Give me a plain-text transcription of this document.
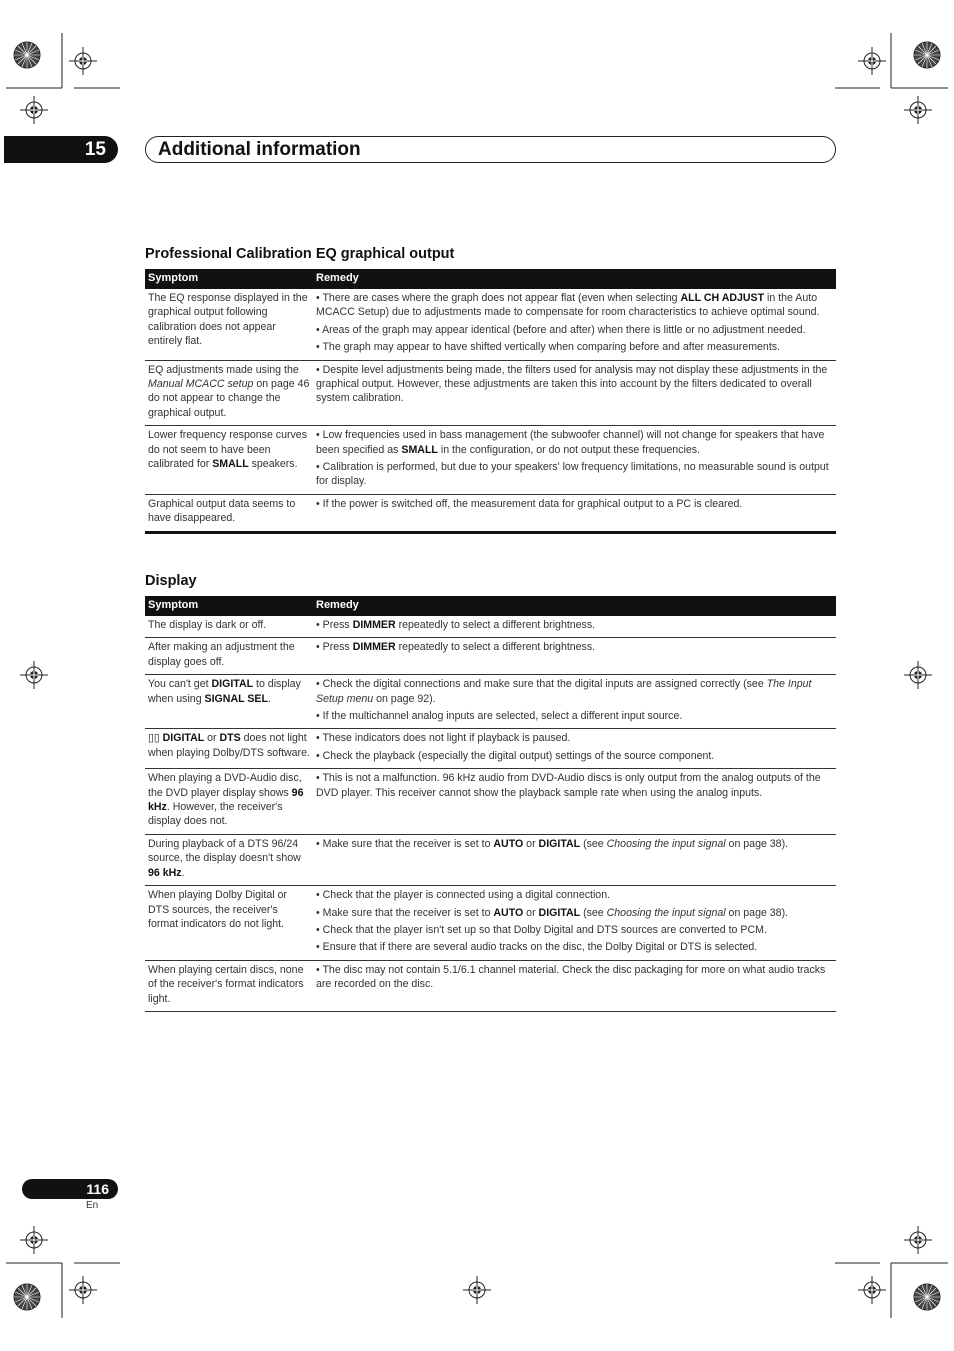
15	Additional information
Professional Calibration EQ graphical output
Symptom	Remedy
The EQ response displayed in the graphical output following calibration does not appear entirely flat.	• There are cases where the graph does not appear flat (even when selecting ALL CH ADJUST in the Auto MCACC Setup) due to adjustments made to compensate for room characteristics to achieve optimal sound.

• Areas of the graph may appear identical (before and after) when there is little or no adjustment needed.

• The graph may appear to have shifted vertically when comparing before and after measurements.

EQ adjustments made using the Manual MCACC setup on page 46 do not appear to change the graphical output.	• Despite level adjustments being made, the filters used for analysis may not display these adjustments in the graphical output. However, these adjustments are taken this into account by the filters dedicated to overall system calibration.

Lower frequency response curves do not seem to have been calibrated for SMALL speakers.	• Low frequencies used in bass management (the subwoofer channel) will not change for speakers that have been specified as SMALL in the configuration, or do not output these frequencies.

• Calibration is performed, but due to your speakers' low frequency limitations, no measurable sound is output for display.

Graphical output data seems to have disappeared.	• If the power is switched off, the measurement data for graphical output to a PC is cleared.

Display
Symptom	Remedy
The display is dark or off.	• Press DIMMER repeatedly to select a different brightness.

After making an adjustment the display goes off.	• Press DIMMER repeatedly to select a different brightness.

You can't get DIGITAL to display when using SIGNAL SEL.	• Check the digital connections and make sure that the digital inputs are assigned correctly (see The Input Setup menu on page 92).

• If the multichannel analog inputs are selected, select a different input source.

▯▯ DIGITAL or DTS does not light when playing Dolby/DTS software.	• These indicators does not light if playback is paused.

• Check the playback (especially the digital output) settings of the source component.

When playing a DVD-Audio disc, the DVD player display shows 96 kHz. However, the receiver's display does not.	• This is not a malfunction. 96 kHz audio from DVD-Audio discs is only output from the analog outputs of the DVD player. This receiver cannot show the playback sample rate when using the analog inputs.

During playback of a DTS 96/24 source, the display doesn't show 96 kHz.	• Make sure that the receiver is set to AUTO or DIGITAL (see Choosing the input signal on page 38).

When playing Dolby Digital or DTS sources, the receiver's format indicators do not light.	• Check that the player is connected using a digital connection.

• Make sure that the receiver is set to AUTO or DIGITAL (see Choosing the input signal on page 38).

• Check that the player isn't set up so that Dolby Digital and DTS sources are converted to PCM.

• Ensure that if there are several audio tracks on the disc, the Dolby Digital or DTS is selected.

When playing certain discs, none of the receiver's format indicators light.	• The disc may not contain 5.1/6.1 channel material. Check the disc packaging for more on what audio tracks are recorded on the disc.

116
En
